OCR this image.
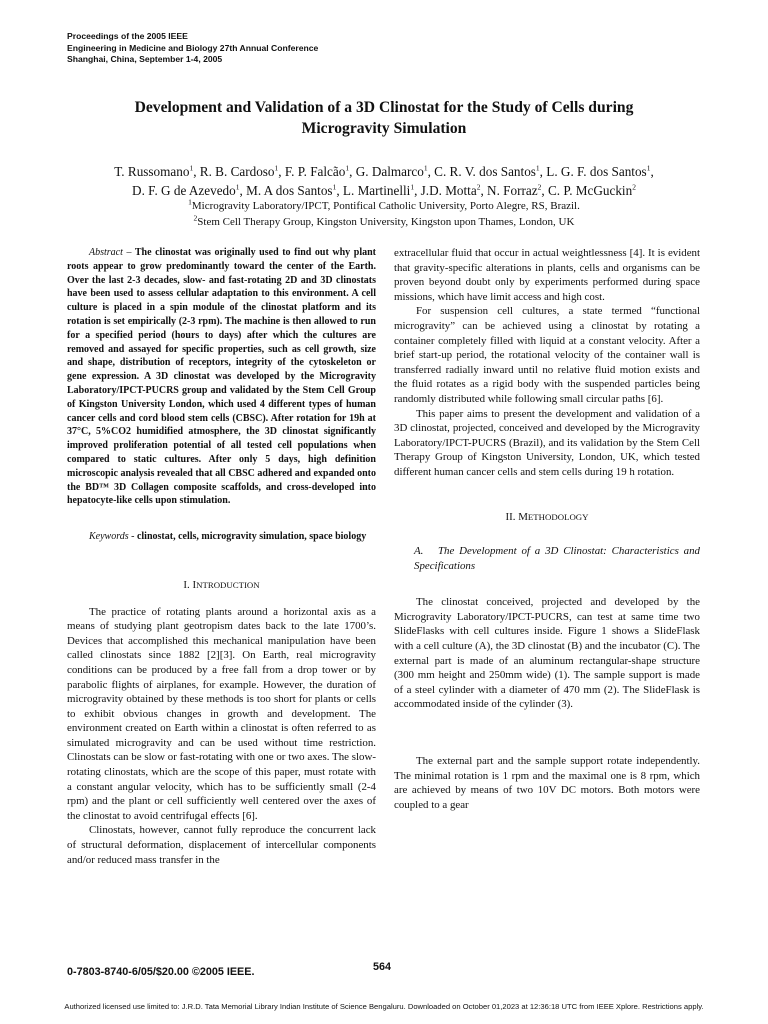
Proceedings of the 2005 IEEE
Engineering in Medicine and Biology 27th Annual Conference
Shanghai, China, September 1-4, 2005
Development and Validation of a 3D Clinostat for the Study of Cells during
Microgravity Simulation
T. Russomano$^1$, R. B. Cardoso$^1$, F. P. Falcão$^1$, G. Dalmarco$^1$, C. R. V. dos Santos$^1$, L. G. F. dos Santos$^1$,
D. F. G de Azevedo$^1$, M. A dos Santos$^1$, L. Martinelli$^1$, J.D. Motta$^2$, N. Forraz$^2$, C. P. McGuckin$^2$
$^1$Microgravity Laboratory/IPCT, Pontifical Catholic University, Porto Alegre, RS, Brazil.
$^2$Stem Cell Therapy Group, Kingston University, Kingston upon Thames, London, UK

Abstract – The clinostat was originally used to find out why plant roots appear to grow predominantly toward the center of the Earth. Over the last 2-3 decades, slow- and fast-rotating 2D and 3D clinostats have been used to assess cellular adaptation to this environment. A cell culture is placed in a spin module of the clinostat platform and its rotation is set empirically (2-3 rpm). The machine is then allowed to run for a specified period (hours to days) after which the cultures are removed and assayed for specific properties, such as cell growth, size and shape, distribution of receptors, integrity of the cytoskeleton or gene expression. A 3D clinostat was developed by the Microgravity Laboratory/IPCT-PUCRS group and validated by the Stem Cell Group of Kingston University London, which used 4 different types of human cancer cells and cord blood stem cells (CBSC). After rotation for 19h at 37°C, 5%CO2 humidified atmosphere, the 3D clinostat significantly improved proliferation potential of all tested cell populations when compared to static cultures. After only 5 days, high definition microscopic analysis revealed that all CBSC adhered and expanded onto the BD™ 3D Collagen composite scaffolds, and cross-developed into hepatocyte-like cells upon stimulation.

Keywords - clinostat, cells, microgravity simulation, space biology

I. INTRODUCTION

The practice of rotating plants around a horizontal axis as a means of studying plant geotropism dates back to the late 1700’s. Devices that accomplished this mechanical manipulation have been called clinostats since 1882 [2][3]. On Earth, real microgravity conditions can be produced by a free fall from a drop tower or by parabolic flights of airplanes, for example. However, the duration of microgravity obtained by these methods is too short for plants or cells to exhibit obvious changes in growth and development. The environment created on Earth within a clinostat is often referred to as simulated microgravity and can be used without time restriction. Clinostats can be slow or fast-rotating with one or two axes. The slow-rotating clinostats, which are the scope of this paper, must rotate with a constant angular velocity, which has to be sufficiently small (2-4 rpm) and the plant or cell sufficiently well centered over the axes of the clinostat to avoid centrifugal effects [6].

Clinostats, however, cannot fully reproduce the concurrent lack of structural deformation, displacement of intercellular components and/or reduced mass transfer in the

extracellular fluid that occur in actual weightlessness [4]. It is evident that gravity-specific alterations in plants, cells and organisms can be proven beyond doubt only by experiments performed during space missions, which have limit access and high cost.

For suspension cell cultures, a state termed “functional microgravity” can be achieved using a clinostat by rotating a container completely filled with liquid at a constant velocity. After a brief start-up period, the rotational velocity of the container wall is transferred radially inward until no relative fluid motion exists and the fluid rotates as a rigid body with the suspended particles being randomly distributed while following small circular paths [6].

This paper aims to present the development and validation of a 3D clinostat, projected, conceived and developed by the Microgravity Laboratory/IPCT-PUCRS (Brazil), and its validation by the Stem Cell Therapy Group of Kingston University, London, UK, which tested different human cancer cells and stem cells during 19 h rotation.

II. METHODOLOGY

A. The Development of a 3D Clinostat: Characteristics and Specifications

The clinostat conceived, projected and developed by the Microgravity Laboratory/IPCT-PUCRS, can test at same time two SlideFlasks with cell cultures inside. Figure 1 shows a SlideFlask with a cell culture (A), the 3D clinostat (B) and the incubator (C). The external part is made of an aluminum rectangular-shape structure (300 mm height and 250mm wide) (1). The sample support is made of a steel cylinder with a diameter of 470 mm (2). The SlideFlask is accommodated inside of the cylinder (3).

The external part and the sample support rotate independently. The minimal rotation is 1 rpm and the maximal one is 8 rpm, which are achieved by means of two 10V DC motors. Both motors were coupled to a gear

0-7803-8740-6/05/$20.00 ©2005 IEEE.	564
Authorized licensed use limited to: J.R.D. Tata Memorial Library Indian Institute of Science Bengaluru. Downloaded on October 01,2023 at 12:36:18 UTC from IEEE Xplore. Restrictions apply.
